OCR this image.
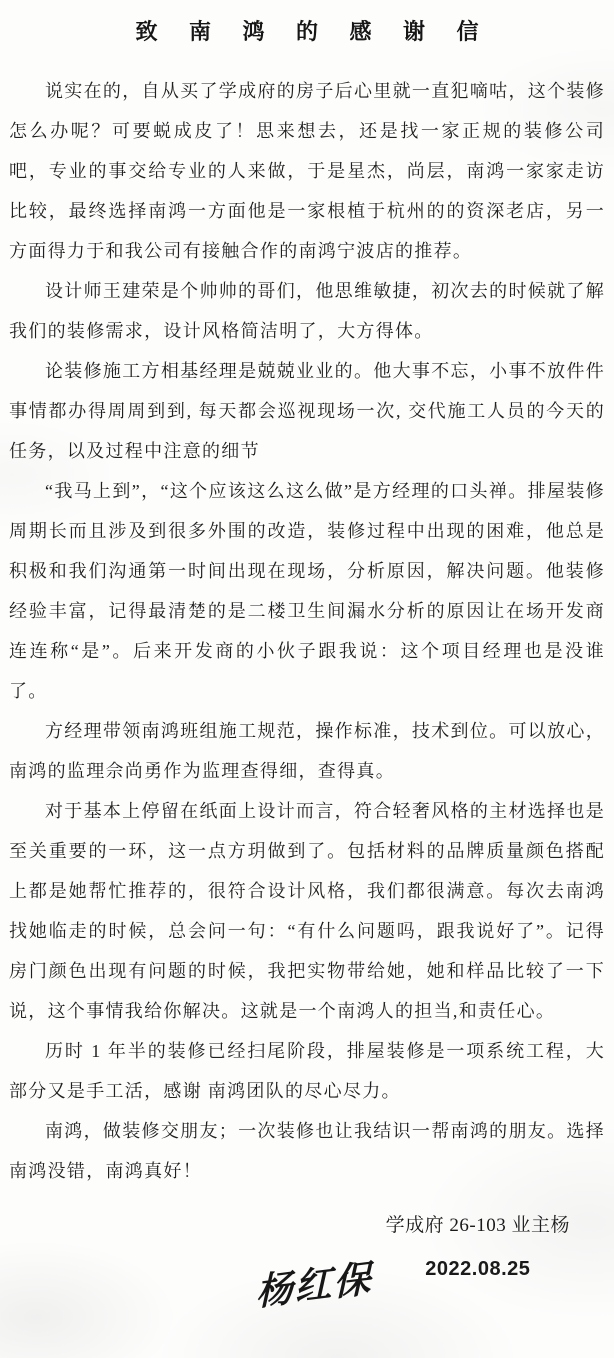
致 南 鸿 的 感 谢 信

说实在的，自从买了学成府的房子后心里就一直犯嘀咕，这个装修怎么办呢？可要蜕成皮了！思来想去，还是找一家正规的装修公司吧，专业的事交给专业的人来做，于是星杰，尚层，南鸿一家家走访比较，最终选择南鸿一方面他是一家根植于杭州的的资深老店，另一方面得力于和我公司有接触合作的南鸿宁波店的推荐。

设计师王建荣是个帅帅的哥们，他思维敏捷，初次去的时候就了解我们的装修需求，设计风格简洁明了，大方得体。

论装修施工方相基经理是兢兢业业的。他大事不忘，小事不放件件事情都办得周周到到, 每天都会巡视现场一次, 交代施工人员的今天的任务，以及过程中注意的细节

“我马上到”，“这个应该这么这么做”是方经理的口头禅。排屋装修周期长而且涉及到很多外围的改造，装修过程中出现的困难，他总是积极和我们沟通第一时间出现在现场，分析原因，解决问题。他装修经验丰富，记得最清楚的是二楼卫生间漏水分析的原因让在场开发商连连称“是”。后来开发商的小伙子跟我说：这个项目经理也是没谁了。

方经理带领南鸿班组施工规范，操作标准，技术到位。可以放心，南鸿的监理佘尚勇作为监理查得细，查得真。

对于基本上停留在纸面上设计而言，符合轻奢风格的主材选择也是至关重要的一环，这一点方玥做到了。包括材料的品牌质量颜色搭配上都是她帮忙推荐的，很符合设计风格，我们都很满意。每次去南鸿找她临走的时候，总会问一句：“有什么问题吗，跟我说好了”。记得房门颜色出现有问题的时候，我把实物带给她，她和样品比较了一下说，这个事情我给你解决。这就是一个南鸿人的担当,和责任心。

历时 1 年半的装修已经扫尾阶段，排屋装修是一项系统工程，大部分又是手工活，感谢 南鸿团队的尽心尽力。

南鸿，做装修交朋友；一次装修也让我结识一帮南鸿的朋友。选择南鸿没错，南鸿真好！

学成府 26-103 业主杨
2022.08.25
杨红保
